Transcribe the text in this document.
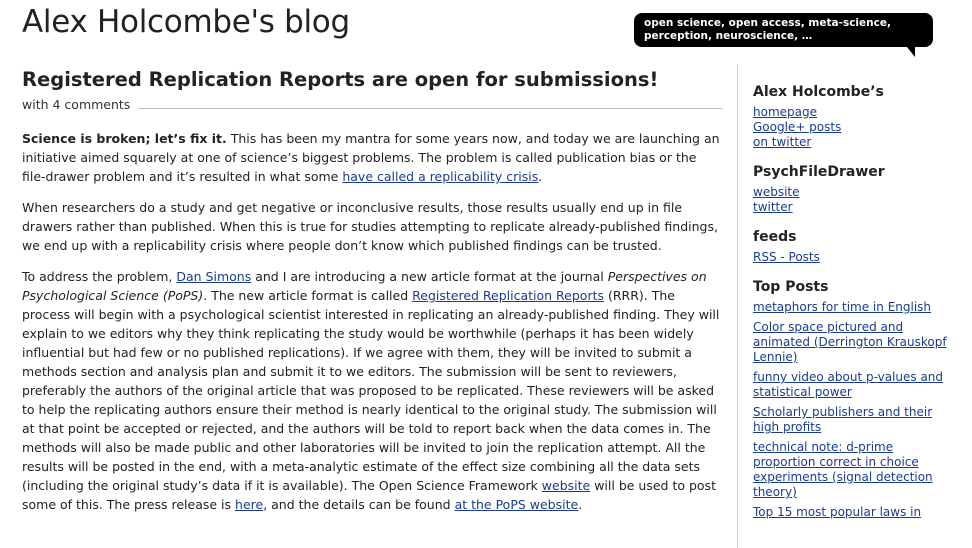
Alex Holcombe's blog	open science, open access, meta-science, perception, neuroscience, …
Registered Replication Reports are open for submissions!
with 4 comments

Science is broken; let’s fix it. This has been my mantra for some years now, and today we are launching an initiative aimed squarely at one of science’s biggest problems. The problem is called publication bias or the file-drawer problem and it’s resulted in what some have called a replicability crisis.

When researchers do a study and get negative or inconclusive results, those results usually end up in file drawers rather than published. When this is true for studies attempting to replicate already-published findings, we end up with a replicability crisis where people don’t know which published findings can be trusted.

To address the problem, Dan Simons and I are introducing a new article format at the journal Perspectives on Psychological Science (PoPS). The new article format is called Registered Replication Reports (RRR). The process will begin with a psychological scientist interested in replicating an already-published finding. They will explain to we editors why they think replicating the study would be worthwhile (perhaps it has been widely influential but had few or no published replications). If we agree with them, they will be invited to submit a methods section and analysis plan and submit it to we editors. The submission will be sent to reviewers, preferably the authors of the original article that was proposed to be replicated. These reviewers will be asked to help the replicating authors ensure their method is nearly identical to the original study. The submission will at that point be accepted or rejected, and the authors will be told to report back when the data comes in. The methods will also be made public and other laboratories will be invited to join the replication attempt. All the results will be posted in the end, with a meta-analytic estimate of the effect size combining all the data sets (including the original study’s data if it is available). The Open Science Framework website will be used to post some of this. The press release is here, and the details can be found at the PoPS website.

Alex Holcombe’s
homepage
Google+ posts
on twitter
PsychFileDrawer
website
twitter
feeds
RSS - Posts
Top Posts
metaphors for time in English
Color space pictured and animated (Derrington Krauskopf Lennie)
funny video about p-values and statistical power
Scholarly publishers and their high profits
technical note: d-prime proportion correct in choice experiments (signal detection theory)
Top 15 most popular laws in
